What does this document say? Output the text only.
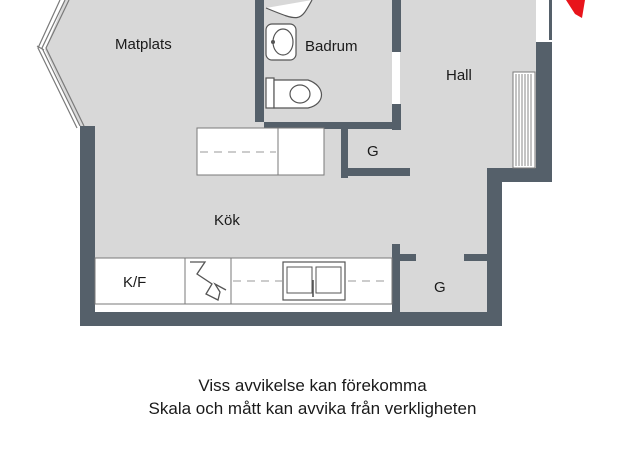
Matplats	Badrum
Hall
G
Kök
K/F	G
Viss avvikelse kan förekomma
Skala och mått kan avvika från verkligheten
